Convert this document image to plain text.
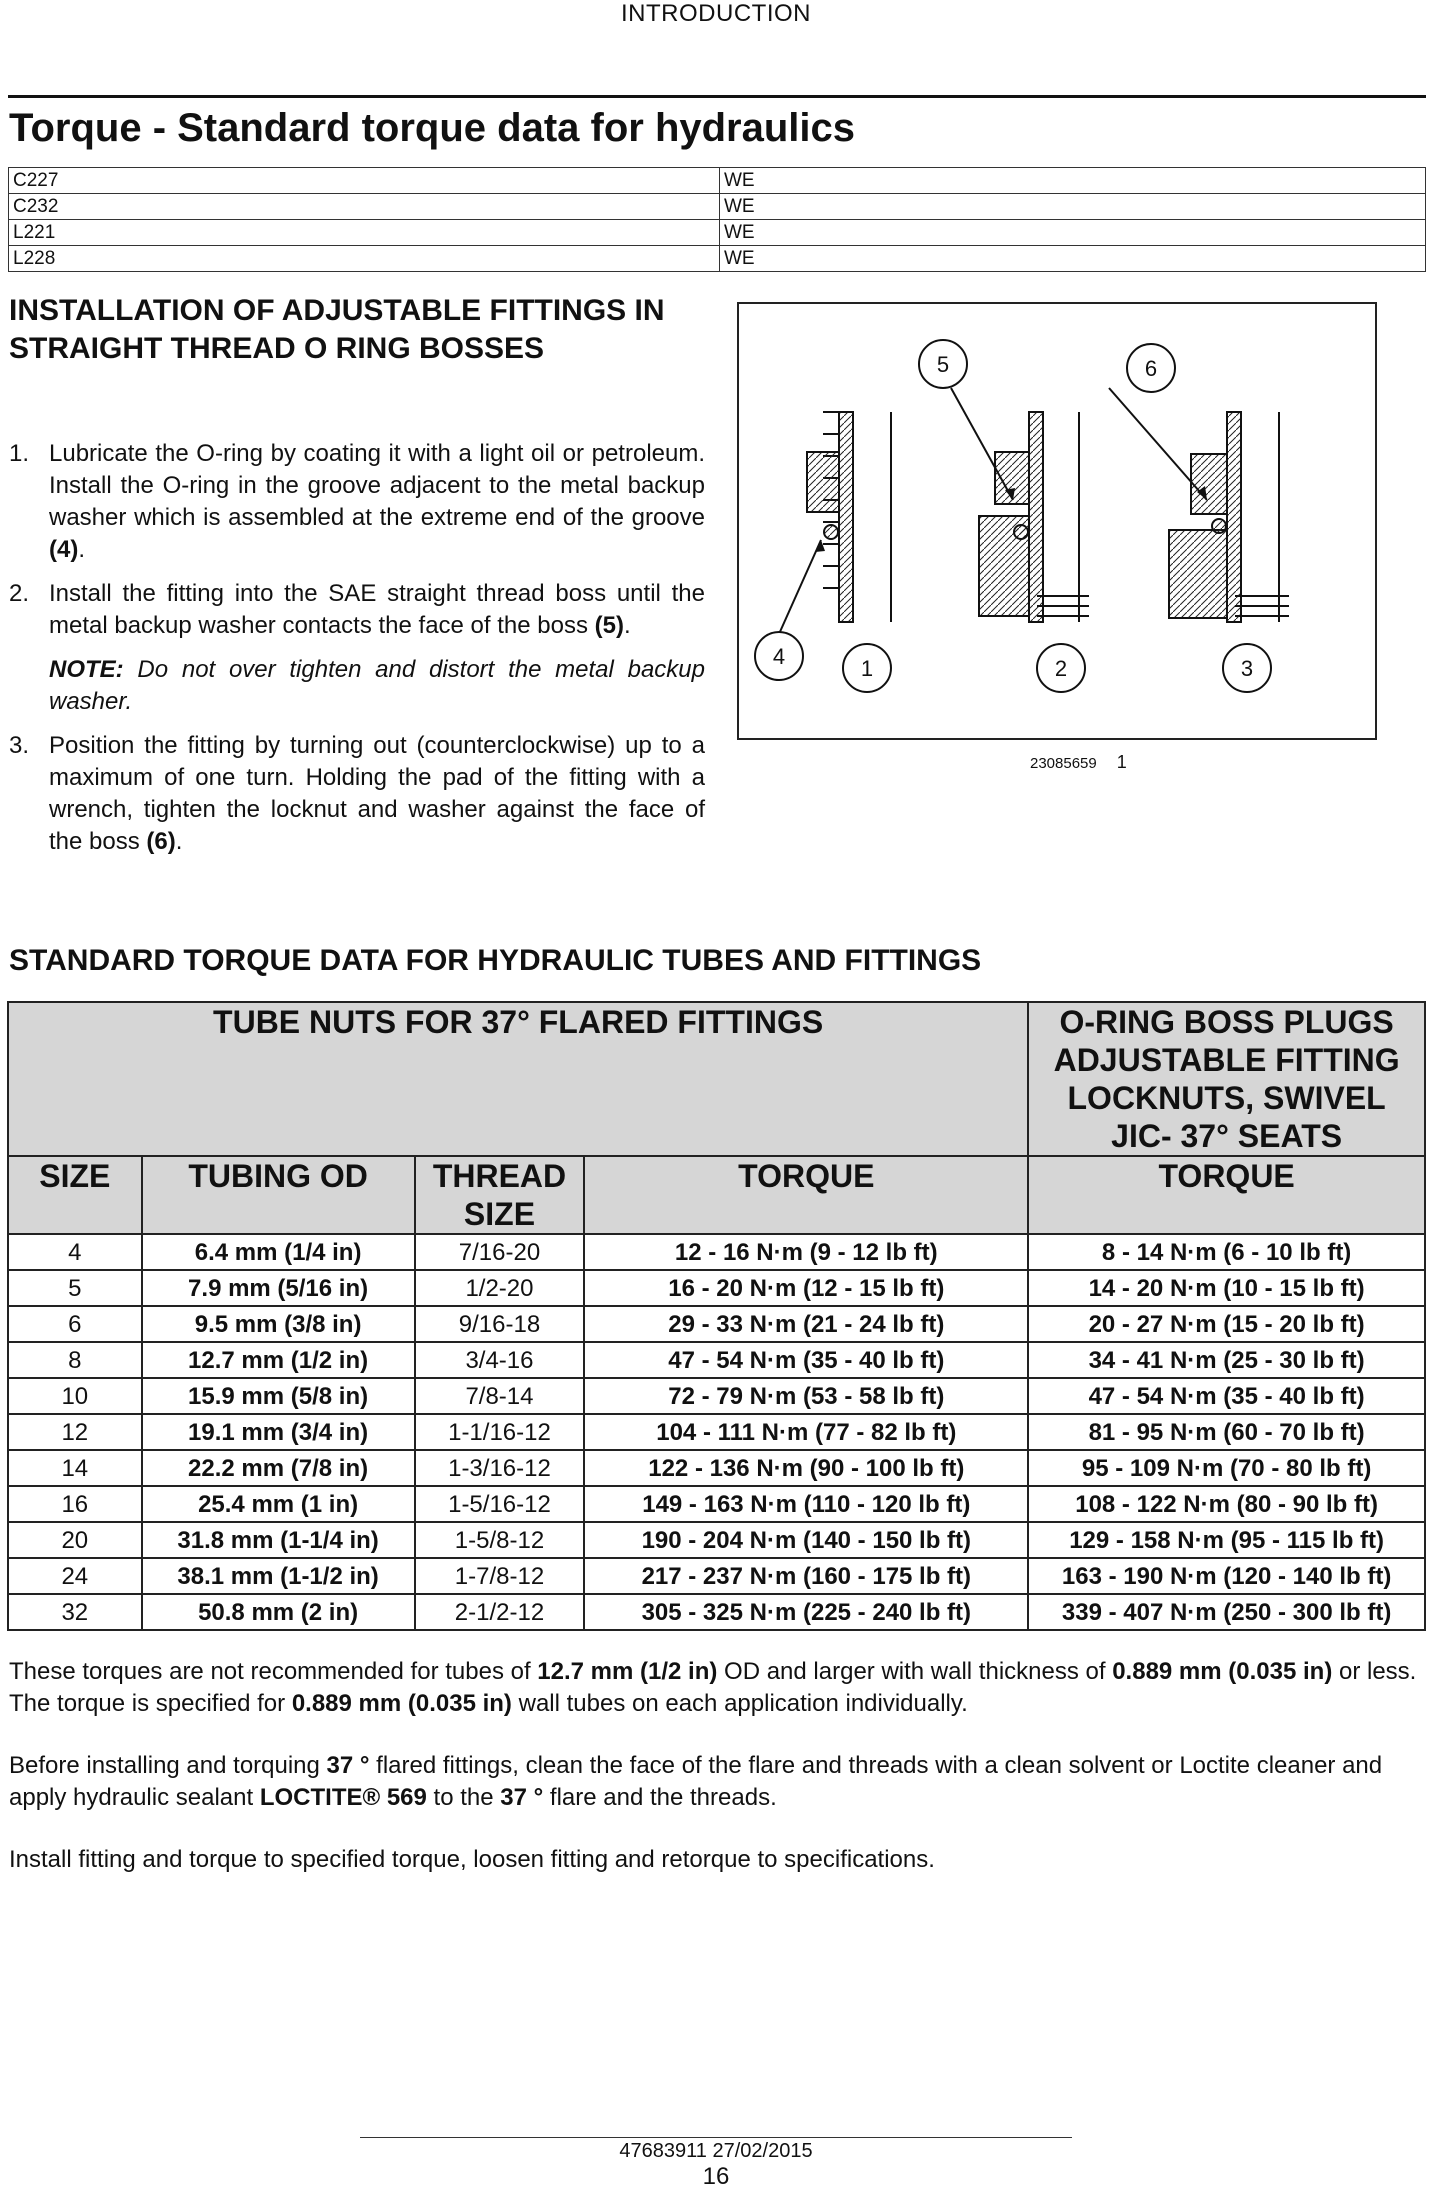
INTRODUCTION
Torque - Standard torque data for hydraulics
C227	WE
C232	WE
L221	WE
L228	WE
INSTALLATION OF ADJUSTABLE FITTINGS IN STRAIGHT THREAD O RING BOSSES
1. Lubricate the O-ring by coating it with a light oil or petroleum. Install the O-ring in the groove adjacent to the metal backup washer which is assembled at the extreme end of the groove (4).
2. Install the fitting into the SAE straight thread boss until the metal backup washer contacts the face of the boss (5).
NOTE: Do not over tighten and distort the metal backup washer.
3. Position the fitting by turning out (counterclockwise) up to a maximum of one turn. Holding the pad of the fitting with a wrench, tighten the locknut and washer against the face of the boss (6).
5	6
4	1	2	3
23085659 1
STANDARD TORQUE DATA FOR HYDRAULIC TUBES AND FITTINGS
TUBE NUTS FOR 37° FLARED FITTINGS				O-RING BOSS PLUGS ADJUSTABLE FITTING LOCKNUTS, SWIVEL JIC- 37° SEATS
SIZE	TUBING OD	THREAD SIZE	TORQUE	TORQUE
4	6.4 mm (1/4 in)	7/16-20	12 - 16 N·m (9 - 12 lb ft)	8 - 14 N·m (6 - 10 lb ft)
5	7.9 mm (5/16 in)	1/2-20	16 - 20 N·m (12 - 15 lb ft)	14 - 20 N·m (10 - 15 lb ft)
6	9.5 mm (3/8 in)	9/16-18	29 - 33 N·m (21 - 24 lb ft)	20 - 27 N·m (15 - 20 lb ft)
8	12.7 mm (1/2 in)	3/4-16	47 - 54 N·m (35 - 40 lb ft)	34 - 41 N·m (25 - 30 lb ft)
10	15.9 mm (5/8 in)	7/8-14	72 - 79 N·m (53 - 58 lb ft)	47 - 54 N·m (35 - 40 lb ft)
12	19.1 mm (3/4 in)	1-1/16-12	104 - 111 N·m (77 - 82 lb ft)	81 - 95 N·m (60 - 70 lb ft)
14	22.2 mm (7/8 in)	1-3/16-12	122 - 136 N·m (90 - 100 lb ft)	95 - 109 N·m (70 - 80 lb ft)
16	25.4 mm (1 in)	1-5/16-12	149 - 163 N·m (110 - 120 lb ft)	108 - 122 N·m (80 - 90 lb ft)
20	31.8 mm (1-1/4 in)	1-5/8-12	190 - 204 N·m (140 - 150 lb ft)	129 - 158 N·m (95 - 115 lb ft)
24	38.1 mm (1-1/2 in)	1-7/8-12	217 - 237 N·m (160 - 175 lb ft)	163 - 190 N·m (120 - 140 lb ft)
32	50.8 mm (2 in)	2-1/2-12	305 - 325 N·m (225 - 240 lb ft)	339 - 407 N·m (250 - 300 lb ft)

These torques are not recommended for tubes of 12.7 mm (1/2 in) OD and larger with wall thickness of 0.889 mm (0.035 in) or less. The torque is specified for 0.889 mm (0.035 in) wall tubes on each application individually.

Before installing and torquing 37 ° flared fittings, clean the face of the flare and threads with a clean solvent or Loctite cleaner and apply hydraulic sealant LOCTITE® 569 to the 37 ° flare and the threads.

Install fitting and torque to specified torque, loosen fitting and retorque to specifications.

47683911 27/02/2015
16
